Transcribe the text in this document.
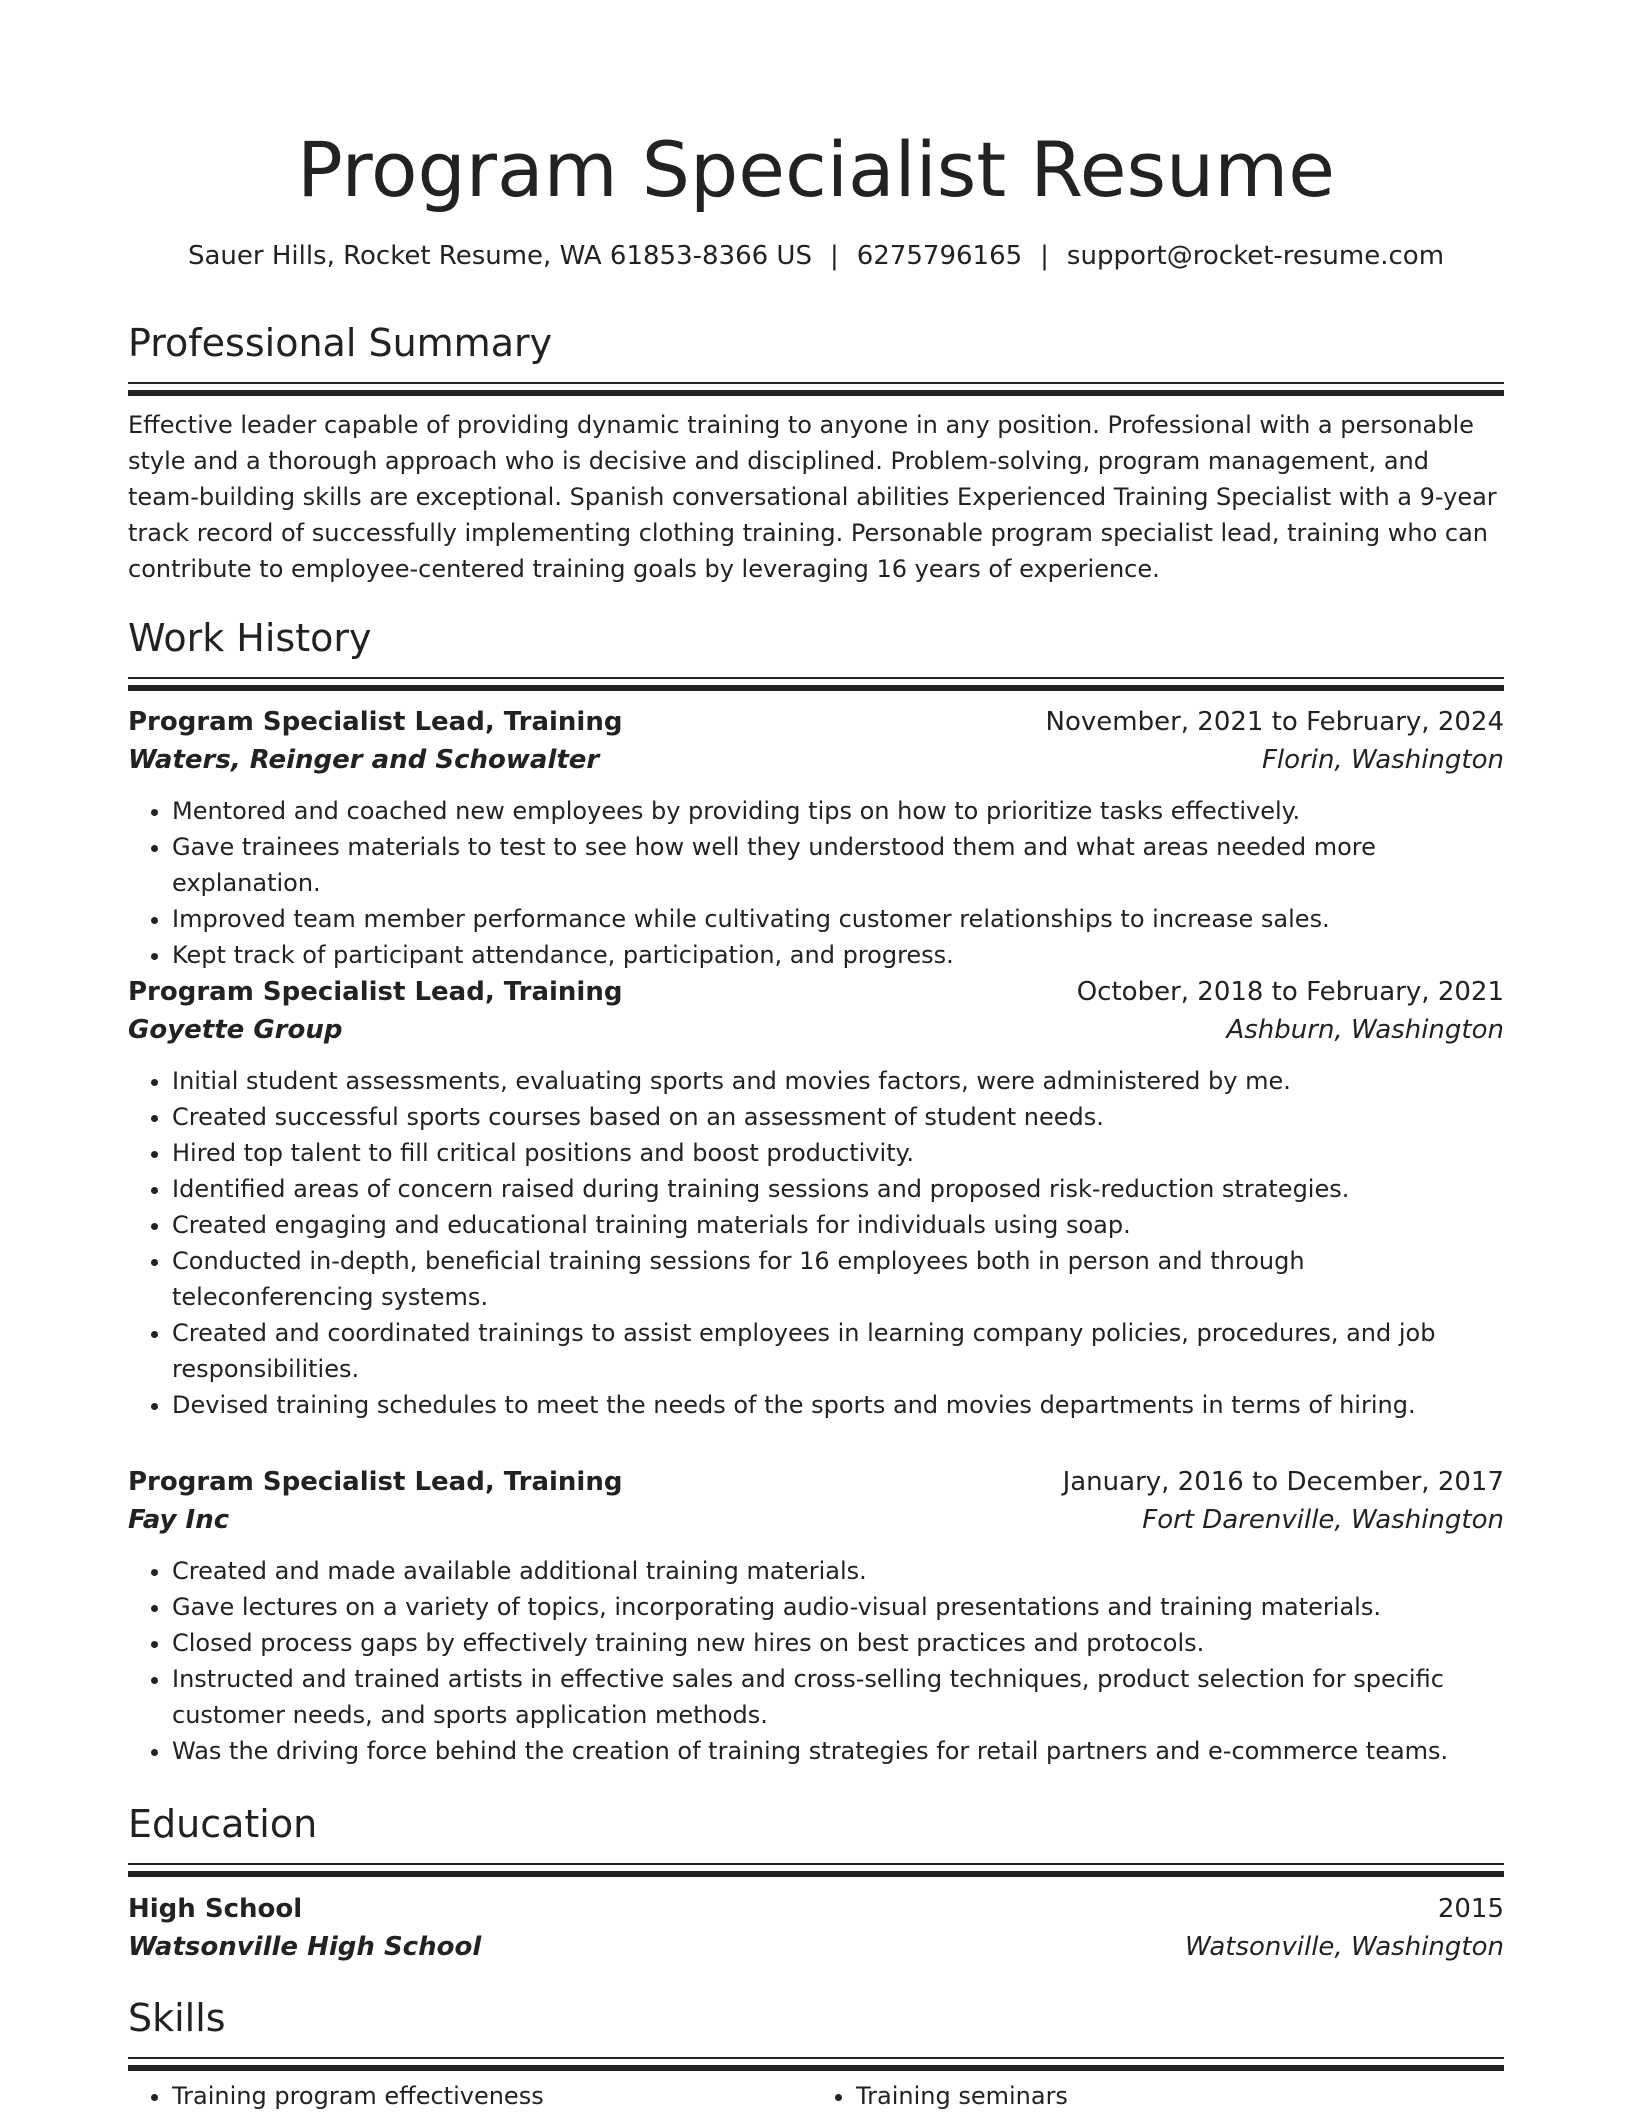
Program Specialist Resume
Sauer Hills, Rocket Resume, WA 61853-8366 US | 6275796165 | support@rocket-resume.com
Professional Summary

Effective leader capable of providing dynamic training to anyone in any position. Professional with a personable style and a thorough approach who is decisive and disciplined. Problem-solving, program management, and team-building skills are exceptional. Spanish conversational abilities Experienced Training Specialist with a 9-year track record of successfully implementing clothing training. Personable program specialist lead, training who can contribute to employee-centered training goals by leveraging 16 years of experience.

Work History
Program Specialist Lead, Training	November, 2021 to February, 2024
Waters, Reinger and Schowalter	Florin, Washington
• Mentored and coached new employees by providing tips on how to prioritize tasks effectively.
• Gave trainees materials to test to see how well they understood them and what areas needed more explanation.
• Improved team member performance while cultivating customer relationships to increase sales.
• Kept track of participant attendance, participation, and progress.
Program Specialist Lead, Training	October, 2018 to February, 2021
Goyette Group	Ashburn, Washington
• Initial student assessments, evaluating sports and movies factors, were administered by me.
• Created successful sports courses based on an assessment of student needs.
• Hired top talent to fill critical positions and boost productivity.
• Identified areas of concern raised during training sessions and proposed risk-reduction strategies.
• Created engaging and educational training materials for individuals using soap.
• Conducted in-depth, beneficial training sessions for 16 employees both in person and through teleconferencing systems.
• Created and coordinated trainings to assist employees in learning company policies, procedures, and job responsibilities.
• Devised training schedules to meet the needs of the sports and movies departments in terms of hiring.
Program Specialist Lead, Training	January, 2016 to December, 2017
Fay Inc	Fort Darenville, Washington
• Created and made available additional training materials.
• Gave lectures on a variety of topics, incorporating audio-visual presentations and training materials.
• Closed process gaps by effectively training new hires on best practices and protocols.
• Instructed and trained artists in effective sales and cross-selling techniques, product selection for specific customer needs, and sports application methods.
• Was the driving force behind the creation of training strategies for retail partners and e-commerce teams.
Education
High School	2015
Watsonville High School	Watsonville, Washington
Skills
• Training program effectiveness
•	Training seminars
